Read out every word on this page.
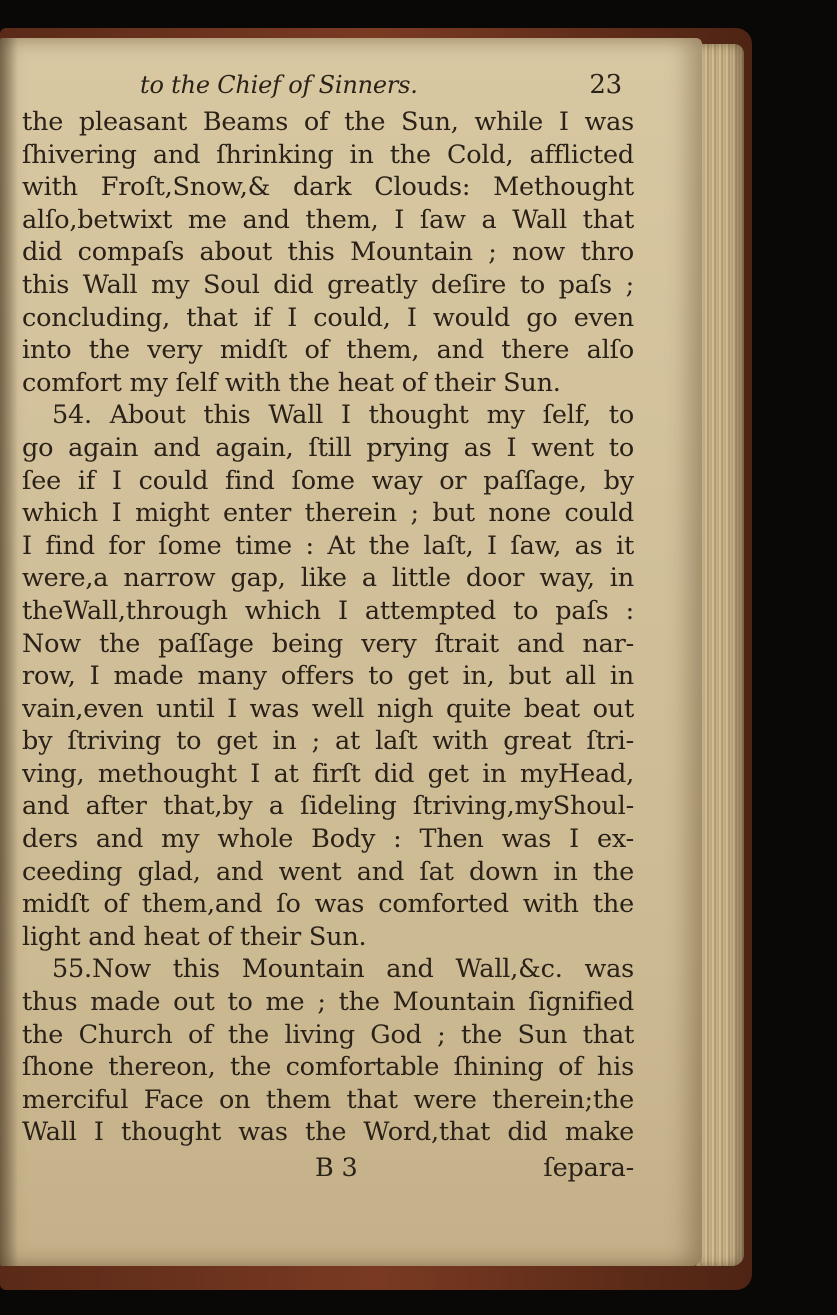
to the Chief of Sinners.	23
the pleasant Beams of the Sun, while I was
ſhivering and ſhrinking in the Cold, afflicted
with Froſt,Snow,& dark Clouds: Methought
alſo,betwixt me and them, I ſaw a Wall that
did compaſs about this Mountain ; now thro
this Wall my Soul did greatly deſire to paſs ;
concluding, that if I could, I would go even
into the very midſt of them, and there alſo
comfort my ſelf with the heat of their Sun.
54. About this Wall I thought my ſelf, to
go again and again, ſtill prying as I went to
ſee if I could find ſome way or paſſage, by
which I might enter therein ; but none could
I find for ſome time : At the laſt, I ſaw, as it
were,a narrow gap, like a little door way, in
theWall,through which I attempted to paſs :
Now the paſſage being very ſtrait and nar-
row, I made many offers to get in, but all in
vain,even until I was well nigh quite beat out
by ſtriving to get in ; at laſt with great ſtri-
ving, methought I at firſt did get in myHead,
and after that,by a ſideling ſtriving,myShoul-
ders and my whole Body : Then was I ex-
ceeding glad, and went and ſat down in the
midſt of them,and ſo was comforted with the
light and heat of their Sun.
55.Now this Mountain and Wall,&c. was
thus made out to me ; the Mountain ſignified
the Church of the living God ; the Sun that
ſhone thereon, the comfortable ſhining of his
merciful Face on them that were therein;the
Wall I thought was the Word,that did make
B 3	ſepara-
